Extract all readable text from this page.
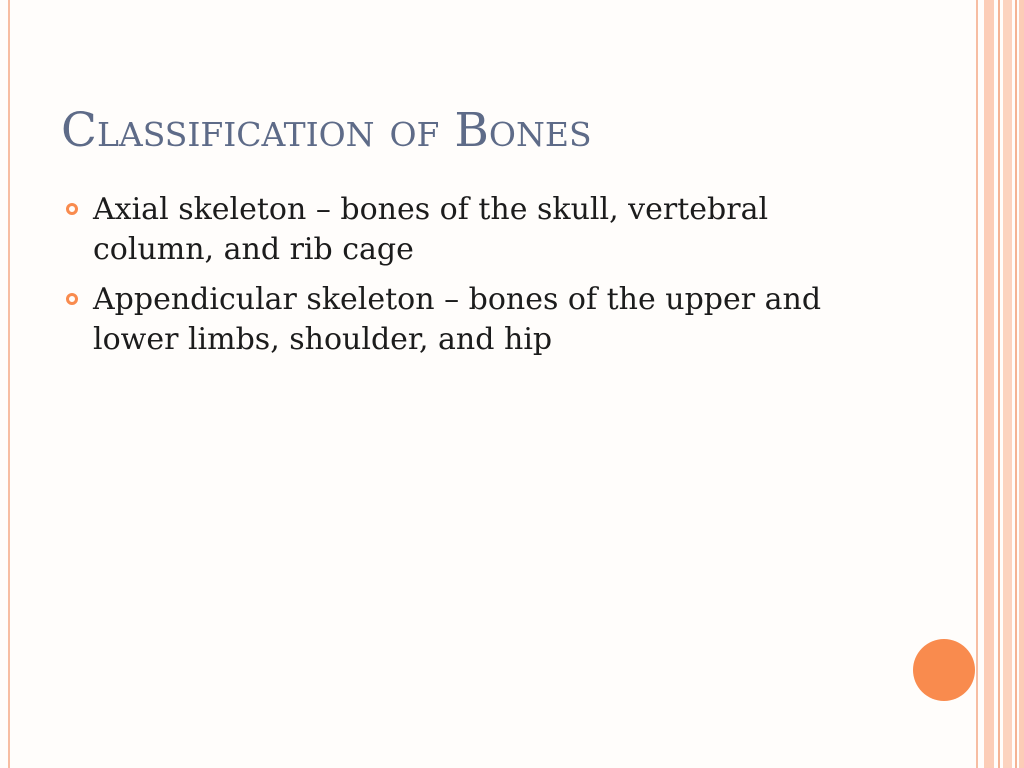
Classification of Bones
Axial skeleton – bones of the skull, vertebral
column, and rib cage
Appendicular skeleton – bones of the upper and
lower limbs, shoulder, and hip
